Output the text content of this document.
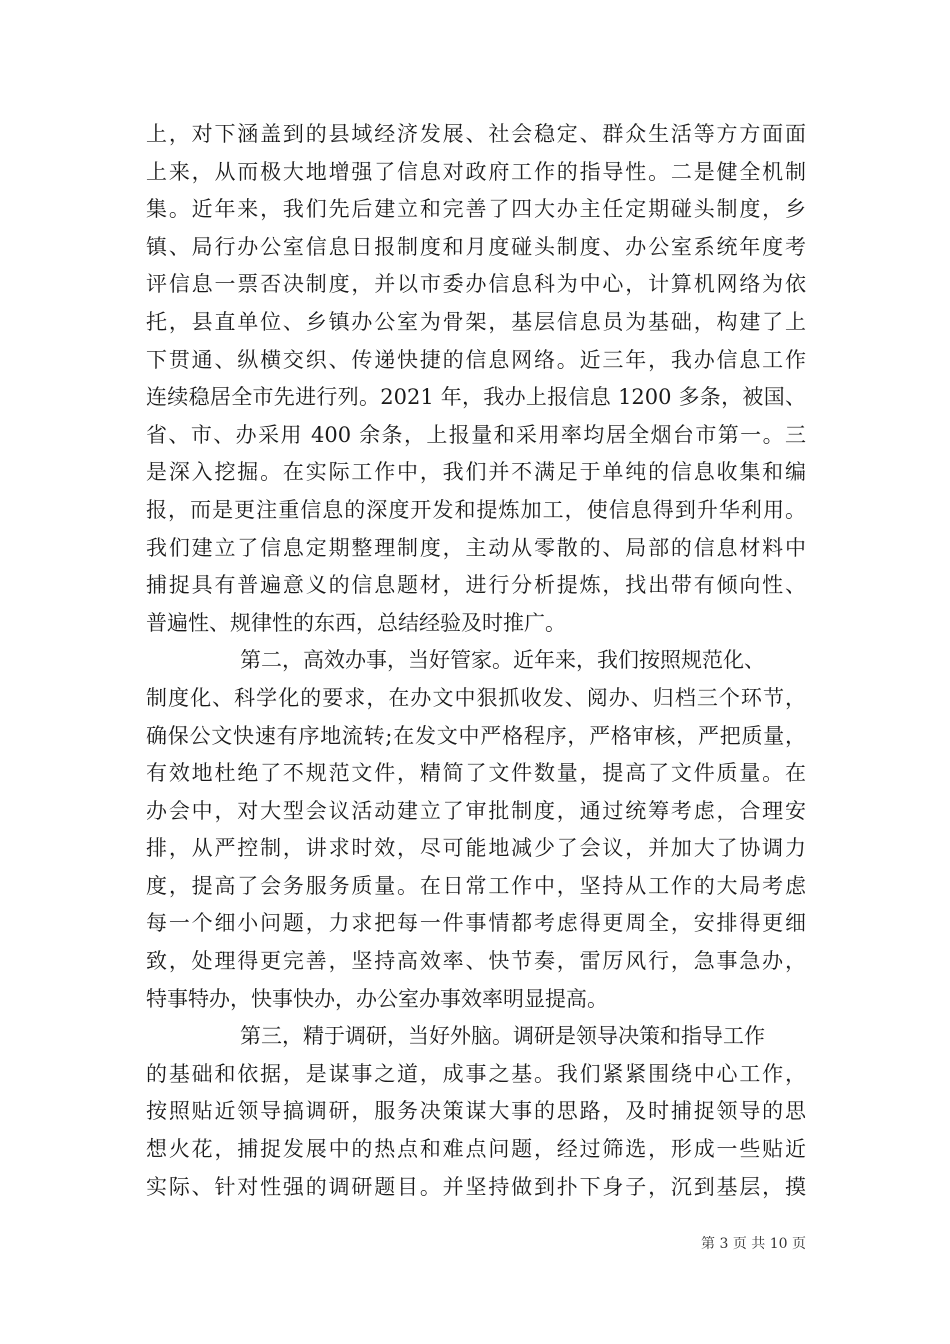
上，对下涵盖到的县域经济发展、社会稳定、群众生活等方方面面
上来，从而极大地增强了信息对政府工作的指导性。二是健全机制
集。近年来，我们先后建立和完善了四大办主任定期碰头制度，乡
镇、局行办公室信息日报制度和月度碰头制度、办公室系统年度考
评信息一票否决制度，并以市委办信息科为中心，计算机网络为依
托，县直单位、乡镇办公室为骨架，基层信息员为基础，构建了上
下贯通、纵横交织、传递快捷的信息网络。近三年，我办信息工作
连续稳居全市先进行列。2021 年，我办上报信息 1200 多条，被国、
省、市、办采用 400 余条，上报量和采用率均居全烟台市第一。三
是深入挖掘。在实际工作中，我们并不满足于单纯的信息收集和编
报，而是更注重信息的深度开发和提炼加工，使信息得到升华利用。
我们建立了信息定期整理制度，主动从零散的、局部的信息材料中
捕捉具有普遍意义的信息题材，进行分析提炼，找出带有倾向性、
普遍性、规律性的东西，总结经验及时推广。
第二，高效办事，当好管家。近年来，我们按照规范化、
制度化、科学化的要求，在办文中狠抓收发、阅办、归档三个环节，
确保公文快速有序地流转;在发文中严格程序，严格审核，严把质量，
有效地杜绝了不规范文件，精简了文件数量，提高了文件质量。在
办会中，对大型会议活动建立了审批制度，通过统筹考虑，合理安
排，从严控制，讲求时效，尽可能地减少了会议，并加大了协调力
度，提高了会务服务质量。在日常工作中，坚持从工作的大局考虑
每一个细小问题，力求把每一件事情都考虑得更周全，安排得更细
致，处理得更完善，坚持高效率、快节奏，雷厉风行，急事急办，
特事特办，快事快办，办公室办事效率明显提高。
第三，精于调研，当好外脑。调研是领导决策和指导工作
的基础和依据，是谋事之道，成事之基。我们紧紧围绕中心工作，
按照贴近领导搞调研，服务决策谋大事的思路，及时捕捉领导的思
想火花，捕捉发展中的热点和难点问题，经过筛选，形成一些贴近
实际、针对性强的调研题目。并坚持做到扑下身子，沉到基层，摸
第 3 页 共 10 页
